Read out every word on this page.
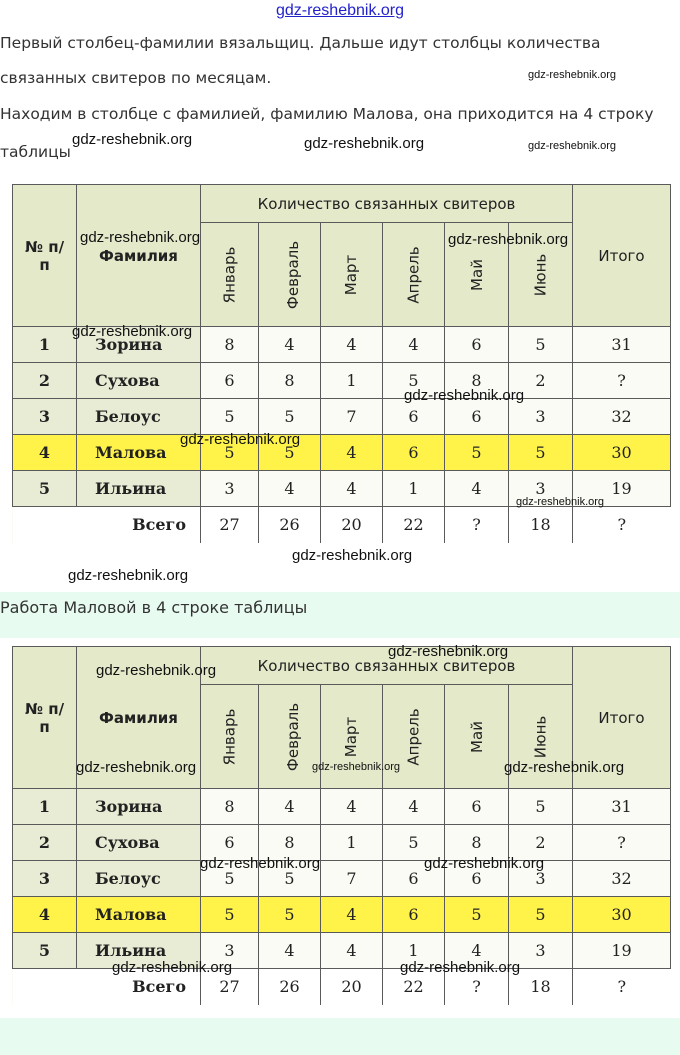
gdz-reshebnik.org

Первый столбец-фамилии вязальщиц. Дальше идут столбцы количества

связанных свитеров по месяцам.

Находим в столбце с фамилией, фамилию Малова, она приходится на 4 строку

таблицы

№ п/п	Фамилия	Количество связанных свитеров						Итого
		Январь	Февраль	Март	Апрель	Май	Июнь	
1	Зорина	8	4	4	4	6	5	31
2	Сухова	6	8	1	5	8	2	?
3	Белоус	5	5	7	6	6	3	32
4	Малова	5	5	4	6	5	5	30
5	Ильина	3	4	4	1	4	3	19
	Всего	27	26	20	22	?	18	?

Работа Маловой в 4 строке таблицы

№ п/п	Фамилия	Количество связанных свитеров						Итого
		Январь	Февраль	Март	Апрель	Май	Июнь	
1	Зорина	8	4	4	4	6	5	31
2	Сухова	6	8	1	5	8	2	?
3	Белоус	5	5	7	6	6	3	32
4	Малова	5	5	4	6	5	5	30
5	Ильина	3	4	4	1	4	3	19
	Всего	27	26	20	22	?	18	?
gdz-reshebnik.org	gdz-reshebnik.org
gdz-reshebnik.org
gdz-reshebnik.org
gdz-reshebnik.org	gdz-reshebnik.org
gdz-reshebnik.org
gdz-reshebnik.org
gdz-reshebnik.org
gdz-reshebnik.org
gdz-reshebnik.org
gdz-reshebnik.org
gdz-reshebnik.org
gdz-reshebnik.org
gdz-reshebnik.org	gdz-reshebnik.org	gdz-reshebnik.org
gdz-reshebnik.org	gdz-reshebnik.org
gdz-reshebnik.org	gdz-reshebnik.org
